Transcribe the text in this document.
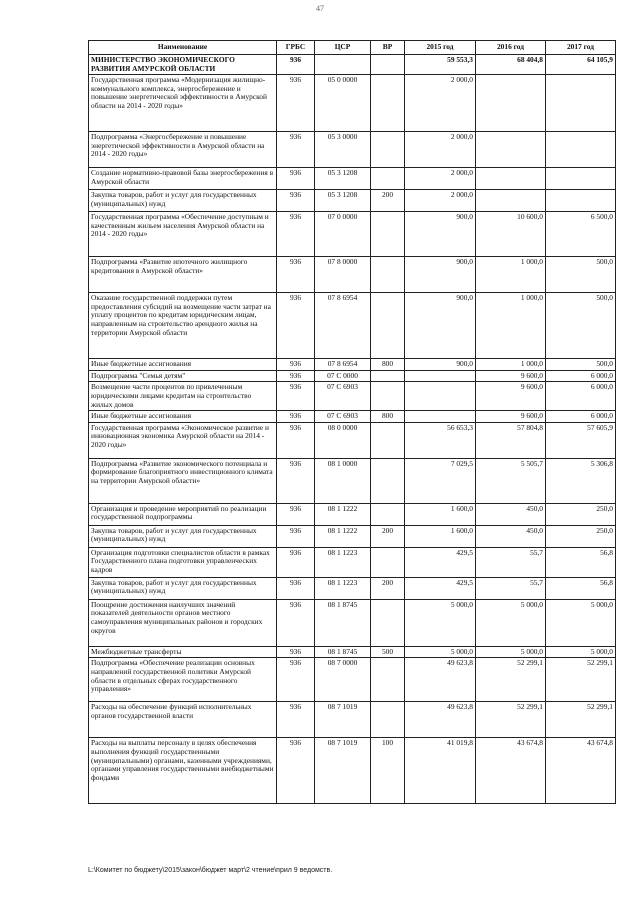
47
Наименование	ГРБС	ЦСР	ВР	2015 год	2016 год	2017 год
МИНИСТЕРСТВО ЭКОНОМИЧЕСКОГО РАЗВИТИЯ АМУРСКОЙ ОБЛАСТИ	936			59 553,3	68 404,8	64 105,9
Государственная программа «Модернизация жилищно-коммунального комплекса, энергосбережение и повышение энергетической эффективности в Амурской области на 2014 - 2020 годы»	936	05 0 0000		2 000,0		
Подпрограмма «Энергосбережение и повышение энергетической эффективности в Амурской области на 2014 - 2020 годы»	936	05 3 0000		2 000,0		
Создание нормативно-правовой базы энергосбережения в Амурской области	936	05 3 1208		2 000,0		
Закупка товаров, работ и услуг для государственных (муниципальных) нужд	936	05 3 1208	200	2 000,0		
Государственная программа «Обеспечение доступным и качественным жильем населения Амурской области на 2014 - 2020 годы»	936	07 0 0000		900,0	10 600,0	6 500,0
Подпрограмма «Развитие ипотечного жилищного кредитования в Амурской области»	936	07 8 0000		900,0	1 000,0	500,0
Оказание государственной поддержки путем предоставления субсидий на возмещение части затрат на уплату процентов по кредитам юридическим лицам, направленным на строительство арендного жилья на территории Амурской области	936	07 8 6954		900,0	1 000,0	500,0
Иные бюджетные ассигнования	936	07 8 6954	800	900,0	1 000,0	500,0
Подпрограмма "Семья детям"	936	07 С 0000			9 600,0	6 000,0
Возмещение части процентов по привлеченным юридическими лицами кредитам на строительство жилых домов	936	07 С 6903			9 600,0	6 000,0
Иные бюджетные ассигнования	936	07 С 6903	800		9 600,0	6 000,0
Государственная программа «Экономическое развитие и инновационная экономика Амурской области на 2014 - 2020 годы»	936	08 0 0000		56 653,3	57 804,8	57 605,9
Подпрограмма «Развитие экономического потенциала и формирование благоприятного инвестиционного климата на территории Амурской области»	936	08 1 0000		7 029,5	5 505,7	5 306,8
Организация и проведение мероприятий по реализации государственной подпрограммы	936	08 1 1222		1 600,0	450,0	250,0
Закупка товаров, работ и услуг для государственных (муниципальных) нужд	936	08 1 1222	200	1 600,0	450,0	250,0
Организация подготовки специалистов области в рамках Государственного плана подготовки управленческих кадров	936	08 1 1223		429,5	55,7	56,8
Закупка товаров, работ и услуг для государственных (муниципальных) нужд	936	08 1 1223	200	429,5	55,7	56,8
Поощрение достижения наилучших значений показателей деятельности органов местного самоуправления муниципальных районов и городских округов	936	08 1 8745		5 000,0	5 000,0	5 000,0
Межбюджетные трансферты	936	08 1 8745	500	5 000,0	5 000,0	5 000,0
Подпрограмма «Обеспечение реализации основных направлений государственной политики Амурской области в отдельных сферах государственного управления»	936	08 7 0000		49 623,8	52 299,1	52 299,1
Расходы на обеспечение функций исполнительных органов государственной власти	936	08 7 1019		49 623,8	52 299,1	52 299,1
Расходы на выплаты персоналу в целях обеспечения выполнения функций государственными (муниципальными) органами, казенными учреждениями, органами управления государственными внебюджетными фондами	936	08 7 1019	100	41 019,8	43 674,8	43 674,8
L:\Комитет по бюджету\2015\закон\бюджет март\2 чтение\прил 9 ведомств.
